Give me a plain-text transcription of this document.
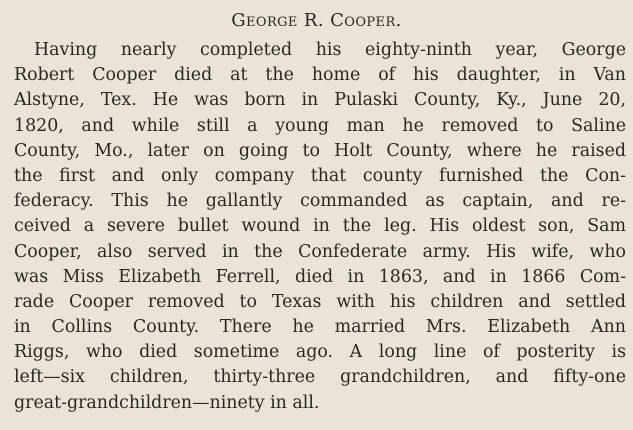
George R. Cooper.
Having nearly completed his eighty-ninth year, George
Robert Cooper died at the home of his daughter, in Van
Alstyne, Tex. He was born in Pulaski County, Ky., June 20,
1820, and while still a young man he removed to Saline
County, Mo., later on going to Holt County, where he raised
the first and only company that county furnished the Con-
federacy. This he gallantly commanded as captain, and re-
ceived a severe bullet wound in the leg. His oldest son, Sam
Cooper, also served in the Confederate army. His wife, who
was Miss Elizabeth Ferrell, died in 1863, and in 1866 Com-
rade Cooper removed to Texas with his children and settled
in Collins County. There he married Mrs. Elizabeth Ann
Riggs, who died sometime ago. A long line of posterity is
left—six children, thirty-three grandchildren, and fifty-one
great-grandchildren—ninety in all.
